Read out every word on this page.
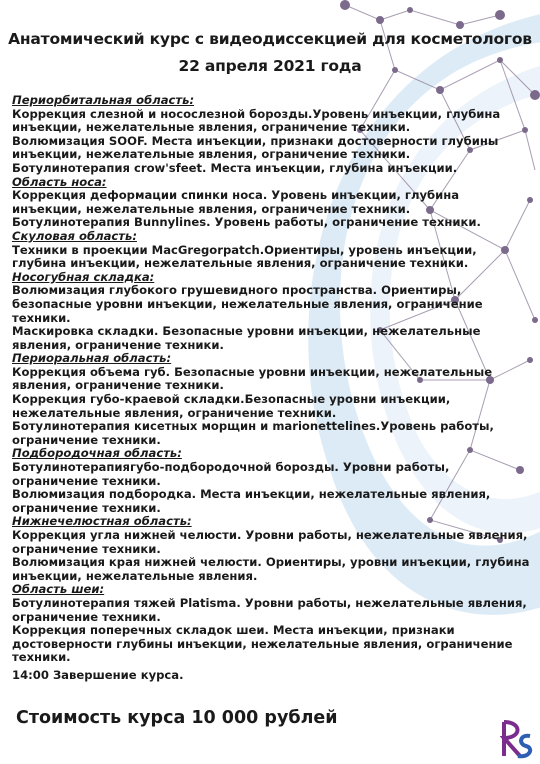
Анатомический курс с видеодиссекцией для косметологов
22 апреля 2021 года
Периорбитальная область:
Коррекция слезной и носослезной борозды.Уровень инъекции, глубина инъекции, нежелательные явления, ограничение техники.
Волюмизация SOOF. Места инъекции, признаки достоверности глубины инъекции, нежелательные явления, ограничение техники.
Ботулинотерапия crow'sfeet. Места инъекции, глубина инъекции.
Область носа:
Коррекция деформации спинки носа. Уровень инъекции, глубина инъекции, нежелательные явления, ограничение техники.
Ботулинотерапия Bunnylines. Уровень работы, ограничение техники.
Скуловая область:
Техники в проекции MacGregorpatch.Ориентиры, уровень инъекции, глубина инъекции, нежелательные явления, ограничение техники.
Носогубная складка:
Волюмизация глубокого грушевидного пространства. Ориентиры, безопасные уровни инъекции, нежелательные явления, ограничение техники.
Маскировка складки. Безопасные уровни инъекции, нежелательные явления, ограничение техники.
Периоральная область:
Коррекция объема губ. Безопасные уровни инъекции, нежелательные явления, ограничение техники.
Коррекция губо-краевой складки.Безопасные уровни инъекции, нежелательные явления, ограничение техники.
Ботулинотерапия кисетных морщин и marionettelines.Уровень работы, ограничение техники.
Подбородочная область:
Ботулинотерапиягубо-подбородочной борозды. Уровни работы, ограничение техники.
Волюмизация подбородка. Места инъекции, нежелательные явления, ограничение техники.
Нижнечелюстная область:
Коррекция угла нижней челюсти. Уровни работы, нежелательные явления, ограничение техники.
Волюмизация края нижней челюсти. Ориентиры, уровни инъекции, глубина инъекции, нежелательные явления.
Область шеи:
Ботулинотерапия тяжей Platisma. Уровни работы, нежелательные явления, ограничение техники.
Коррекция поперечных складок шеи. Места инъекции, признаки достоверности глубины инъекции, нежелательные явления, ограничение техники.
14:00 Завершение курса.
Стоимость курса 10 000 рублей
